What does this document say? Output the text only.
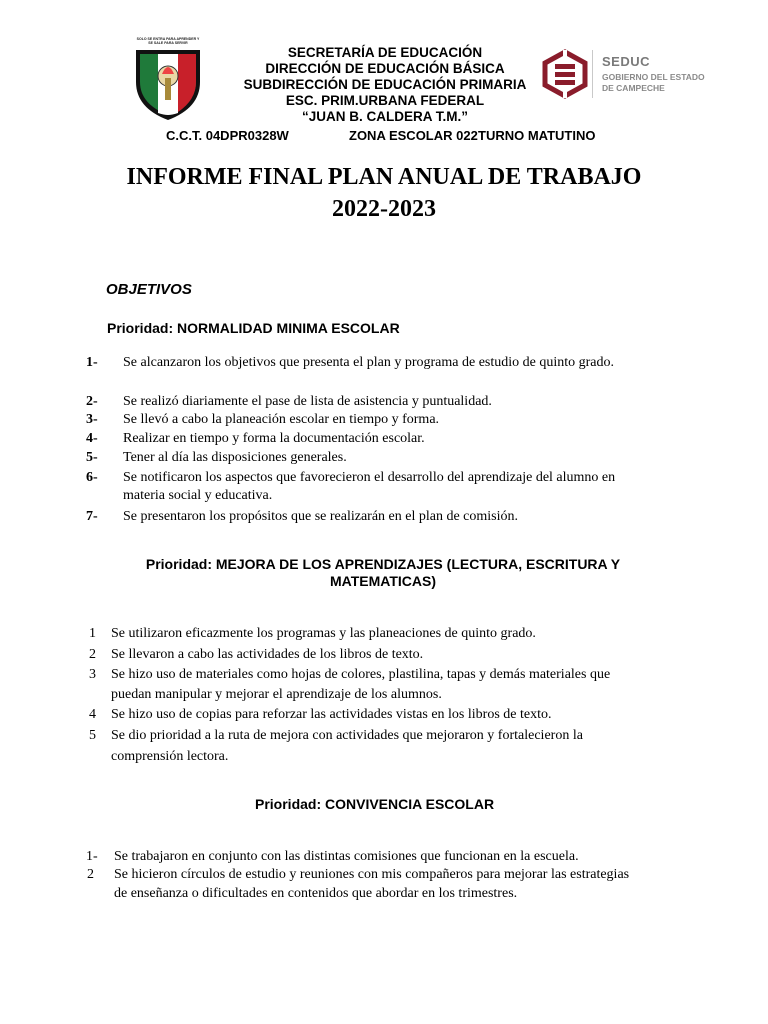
SOLO SE ENTRA PARA APRENDER Y SE SALE PARA SERVIR
SECRETARÍA DE EDUCACIÓN
DIRECCIÓN DE EDUCACIÓN BÁSICA
SUBDIRECCIÓN DE EDUCACIÓN PRIMARIA
ESC. PRIM.URBANA FEDERAL
“JUAN B. CALDERA T.M.”
C.C.T. 04DPR0328W	ZONA ESCOLAR 022 TURNO MATUTINO
SEDUC
GOBIERNO DEL ESTADO
DE CAMPECHE
INFORME FINAL PLAN ANUAL DE TRABAJO
2022-2023
OBJETIVOS
Prioridad: NORMALIDAD MINIMA ESCOLAR
1- Se alcanzaron los objetivos que presenta el plan y programa de estudio de quinto grado.
2- Se realizó diariamente el pase de lista de asistencia y puntualidad.
3- Se llevó a cabo la planeación escolar en tiempo y forma.
4- Realizar en tiempo y forma la documentación escolar.
5- Tener al día las disposiciones generales.
6- Se notificaron los aspectos que favorecieron el desarrollo del aprendizaje del alumno en
materia social y educativa.
7- Se presentaron los propósitos que se realizarán en el plan de comisión.
Prioridad: MEJORA DE LOS APRENDIZAJES (LECTURA, ESCRITURA Y
MATEMATICAS)
1 Se utilizaron eficazmente los programas y las planeaciones de quinto grado.
2 Se llevaron a cabo las actividades de los libros de texto.
3 Se hizo uso de materiales como hojas de colores, plastilina, tapas y demás materiales que
puedan manipular y mejorar el aprendizaje de los alumnos.
4 Se hizo uso de copias para reforzar las actividades vistas en los libros de texto.
5 Se dio prioridad a la ruta de mejora con actividades que mejoraron y fortalecieron la
comprensión lectora.
Prioridad: CONVIVENCIA ESCOLAR
1- Se trabajaron en conjunto con las distintas comisiones que funcionan en la escuela.
2 Se hicieron círculos de estudio y reuniones con mis compañeros para mejorar las estrategias
de enseñanza o dificultades en contenidos que abordar en los trimestres.
